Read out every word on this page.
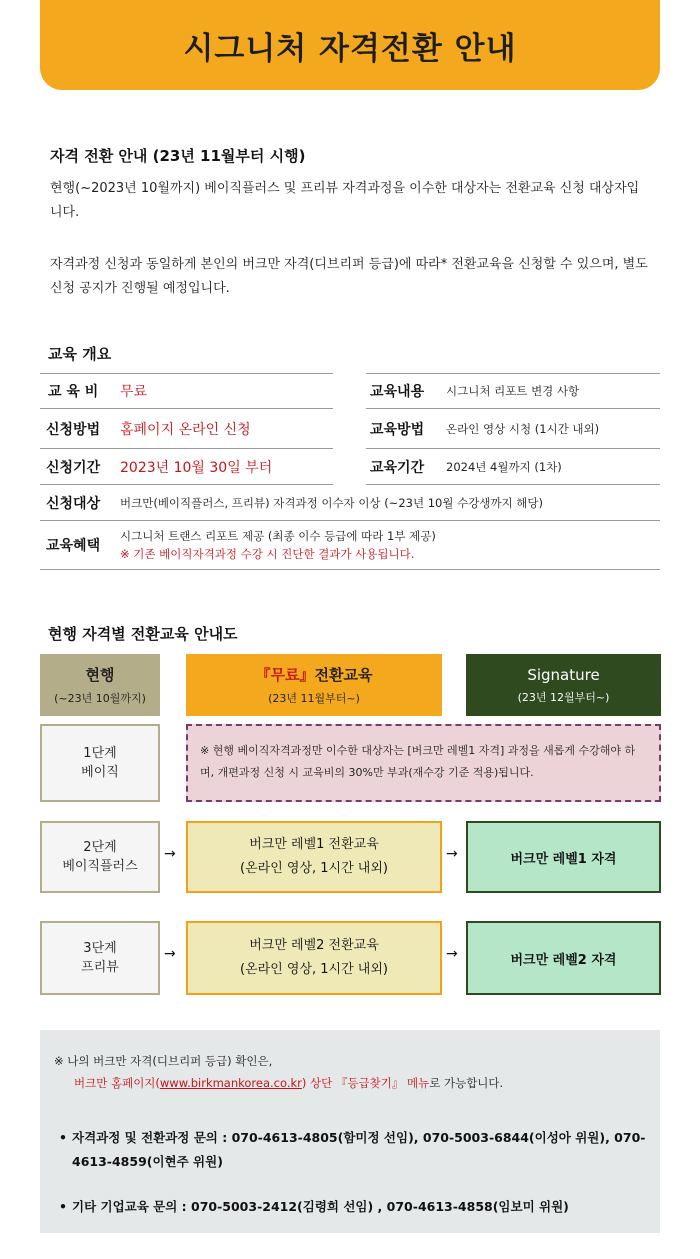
시그니처 자격전환 안내
자격 전환 안내 (23년 11월부터 시행)
현행(~2023년 10월까지) 베이직플러스 및 프리뷰 자격과정을 이수한 대상자는 전환교육 신청 대상자입니다.
자격과정 신청과 동일하게 본인의 버크만 자격(디브리퍼 등급)에 따라* 전환교육을 신청할 수 있으며, 별도 신청 공지가 진행될 예정입니다.
교육 개요
교 육 비	무료	교육내용	시그니처 리포트 변경 사항
신청방법	홈페이지 온라인 신청	교육방법	온라인 영상 시청 (1시간 내외)
신청기간	2023년 10월 30일 부터	교육기간	2024년 4월까지 (1차)
신청대상	버크만(베이직플러스, 프리뷰) 자격과정 이수자 이상 (~23년 10월 수강생까지 해당)
교육혜택
시그니처 트랜스 리포트 제공 (최종 이수 등급에 따라 1부 제공)
※ 기존 베이직자격과정 수강 시 진단한 결과가 사용됩니다.
현행 자격별 전환교육 안내도
현행
(~23년 10월까지)
『무료』전환교육
(23년 11월부터~)
Signature
(23년 12월부터~)
1단계
베이직
※ 현행 베이직자격과정만 이수한 대상자는 [버크만 레벨1 자격] 과정을 새롭게 수강해야 하며, 개편과정 신청 시 교육비의 30%만 부과(재수강 기준 적용)됩니다.
2단계
베이직플러스
→
버크만 레벨1 전환교육
(온라인 영상, 1시간 내외)
→	버크만 레벨1 자격
3단계
프리뷰
→
버크만 레벨2 전환교육
(온라인 영상, 1시간 내외)
→	버크만 레벨2 자격
※ 나의 버크만 자격(디브리퍼 등급) 확인은,
버크만 홈페이지(www.birkmankorea.co.kr) 상단 『등급찾기』 메뉴로 가능합니다.
• 자격과정 및 전환과정 문의 : 070-4613-4805(함미정 선임), 070-5003-6844(이성아 위원), 070-4613-4859(이현주 위원)
• 기타 기업교육 문의 : 070-5003-2412(김령희 선임) , 070-4613-4858(임보미 위원)
